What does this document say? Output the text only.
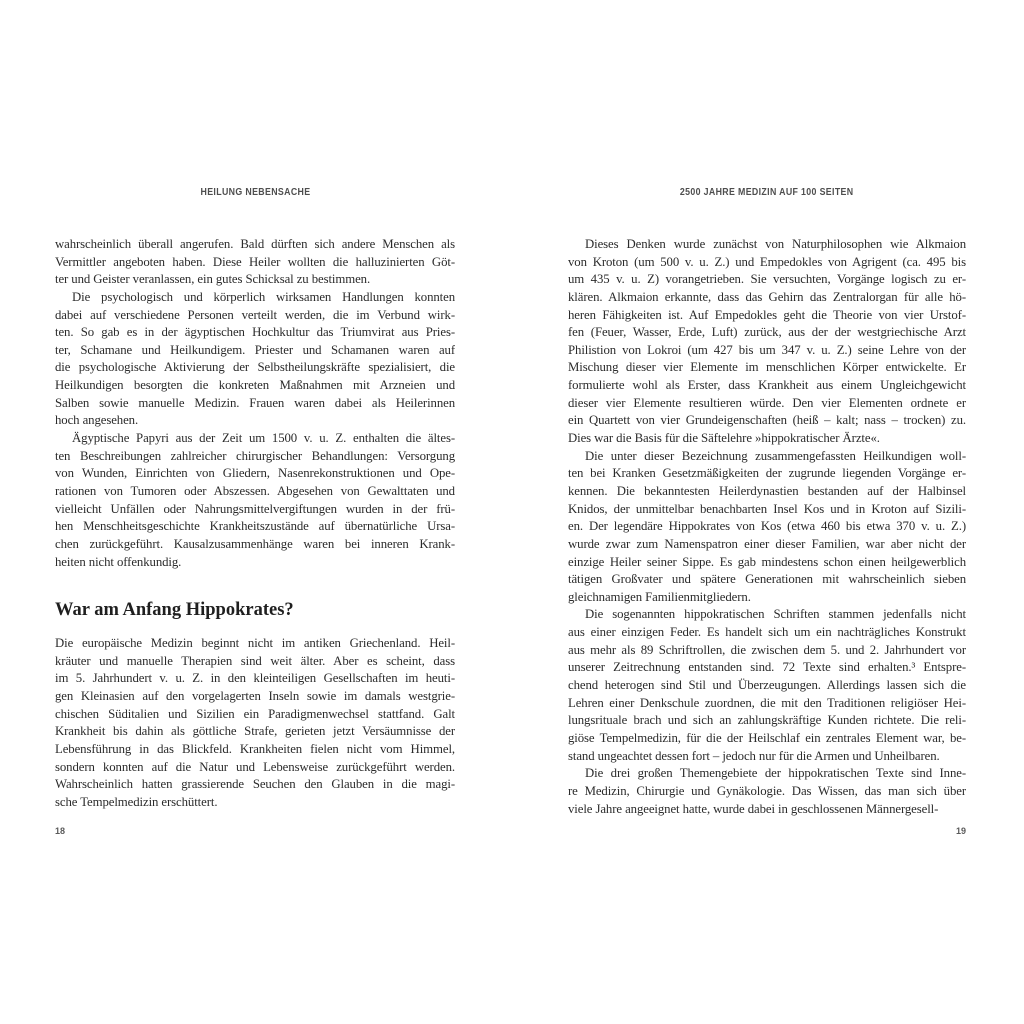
HEILUNG NEBENSACHE
wahrscheinlich überall angerufen. Bald dürften sich andere Menschen als
Vermittler angeboten haben. Diese Heiler wollten die halluzinierten Göt-
ter und Geister veranlassen, ein gutes Schicksal zu bestimmen.
Die psychologisch und körperlich wirksamen Handlungen konnten
dabei auf verschiedene Personen verteilt werden, die im Verbund wirk-
ten. So gab es in der ägyptischen Hochkultur das Triumvirat aus Pries-
ter, Schamane und Heilkundigem. Priester und Schamanen waren auf
die psychologische Aktivierung der Selbstheilungskräfte spezialisiert, die
Heilkundigen besorgten die konkreten Maßnahmen mit Arzneien und
Salben sowie manuelle Medizin. Frauen waren dabei als Heilerinnen
hoch angesehen.
Ägyptische Papyri aus der Zeit um 1500 v. u. Z. enthalten die ältes-
ten Beschreibungen zahlreicher chirurgischer Behandlungen: Versorgung
von Wunden, Einrichten von Gliedern, Nasenrekonstruktionen und Ope-
rationen von Tumoren oder Abszessen. Abgesehen von Gewalttaten und
vielleicht Unfällen oder Nahrungsmittelvergiftungen wurden in der frü-
hen Menschheitsgeschichte Krankheitszustände auf übernatürliche Ursa-
chen zurückgeführt. Kausalzusammenhänge waren bei inneren Krank-
heiten nicht offenkundig.
War am Anfang Hippokrates?
Die europäische Medizin beginnt nicht im antiken Griechenland. Heil-
kräuter und manuelle Therapien sind weit älter. Aber es scheint, dass
im 5. Jahrhundert v. u. Z. in den kleinteiligen Gesellschaften im heuti-
gen Kleinasien auf den vorgelagerten Inseln sowie im damals westgrie-
chischen Süditalien und Sizilien ein Paradigmenwechsel stattfand. Galt
Krankheit bis dahin als göttliche Strafe, gerieten jetzt Versäumnisse der
Lebensführung in das Blickfeld. Krankheiten fielen nicht vom Himmel,
sondern konnten auf die Natur und Lebensweise zurückgeführt werden.
Wahrscheinlich hatten grassierende Seuchen den Glauben in die magi-
sche Tempelmedizin erschüttert.
18
2500 JAHRE MEDIZIN AUF 100 SEITEN
Dieses Denken wurde zunächst von Naturphilosophen wie Alkmaion
von Kroton (um 500 v. u. Z.) und Empedokles von Agrigent (ca. 495 bis
um 435 v. u. Z) vorangetrieben. Sie versuchten, Vorgänge logisch zu er-
klären. Alkmaion erkannte, dass das Gehirn das Zentralorgan für alle hö-
heren Fähigkeiten ist. Auf Empedokles geht die Theorie von vier Urstof-
fen (Feuer, Wasser, Erde, Luft) zurück, aus der der westgriechische Arzt
Philistion von Lokroi (um 427 bis um 347 v. u. Z.) seine Lehre von der
Mischung dieser vier Elemente im menschlichen Körper entwickelte. Er
formulierte wohl als Erster, dass Krankheit aus einem Ungleichgewicht
dieser vier Elemente resultieren würde. Den vier Elementen ordnete er
ein Quartett von vier Grundeigenschaften (heiß – kalt; nass – trocken) zu.
Dies war die Basis für die Säftelehre »hippokratischer Ärzte«.
Die unter dieser Bezeichnung zusammengefassten Heilkundigen woll-
ten bei Kranken Gesetzmäßigkeiten der zugrunde liegenden Vorgänge er-
kennen. Die bekanntesten Heilerdynastien bestanden auf der Halbinsel
Knidos, der unmittelbar benachbarten Insel Kos und in Kroton auf Sizili-
en. Der legendäre Hippokrates von Kos (etwa 460 bis etwa 370 v. u. Z.)
wurde zwar zum Namenspatron einer dieser Familien, war aber nicht der
einzige Heiler seiner Sippe. Es gab mindestens schon einen heilgewerblich
tätigen Großvater und spätere Generationen mit wahrscheinlich sieben
gleichnamigen Familienmitgliedern.
Die sogenannten hippokratischen Schriften stammen jedenfalls nicht
aus einer einzigen Feder. Es handelt sich um ein nachträgliches Konstrukt
aus mehr als 89 Schriftrollen, die zwischen dem 5. und 2. Jahrhundert vor
unserer Zeitrechnung entstanden sind. 72 Texte sind erhalten.³ Entspre-
chend heterogen sind Stil und Überzeugungen. Allerdings lassen sich die
Lehren einer Denkschule zuordnen, die mit den Traditionen religiöser Hei-
lungsrituale brach und sich an zahlungskräftige Kunden richtete. Die reli-
giöse Tempelmedizin, für die der Heilschlaf ein zentrales Element war, be-
stand ungeachtet dessen fort – jedoch nur für die Armen und Unheilbaren.
Die drei großen Themengebiete der hippokratischen Texte sind Inne-
re Medizin, Chirurgie und Gynäkologie. Das Wissen, das man sich über
viele Jahre angeeignet hatte, wurde dabei in geschlossenen Männergesell-
19
